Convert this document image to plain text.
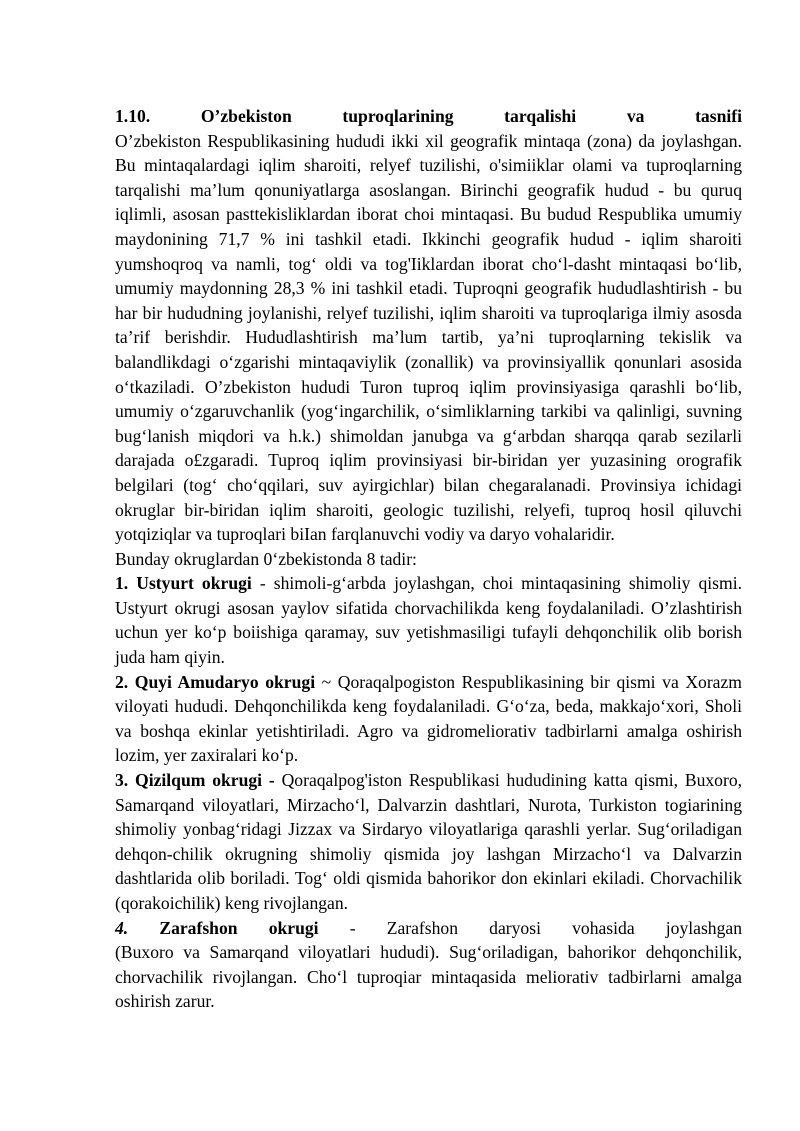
1.10. O’zbekiston tuproqlarining tarqalishi va tasnifi

O’zbekiston Respublikasining hududi ikki xil geografik mintaqa (zona) da joylashgan. Bu mintaqalardagi iqlim sharoiti, relyef tuzilishi, o'simiiklar olami va tuproqlarning tarqalishi ma’lum qonuniyatlarga asoslangan. Birinchi geografik hudud - bu quruq iqlimli, asosan pasttekisliklardan iborat choi mintaqasi. Bu budud Respublika umumiy maydonining 71,7 % ini tashkil etadi. Ikkinchi geografik hudud - iqlim sharoiti yumshoqroq va namli, tog‘ oldi va tog'Iiklardan iborat cho‘l-dasht mintaqasi bo‘lib, umumiy maydonning 28,3 % ini tashkil etadi. Tuproqni geografik hududlashtirish - bu har bir hududning joylanishi, relyef tuzilishi, iqlim sharoiti va tuproqlariga ilmiy asosda ta’rif berishdir. Hududlashtirish ma’lum tartib, ya’ni tuproqlarning tekislik va balandlikdagi o‘zgarishi mintaqaviylik (zonallik) va provinsiyallik qonunlari asosida o‘tkaziladi. O’zbekiston hududi Turon tuproq iqlim provinsiyasiga qarashli bo‘lib, umumiy o‘zgaruvchanlik (yog‘ingarchilik, o‘simliklarning tarkibi va qalinligi, suvning bug‘lanish miqdori va h.k.) shimoldan janubga va g‘arbdan sharqqa qarab sezilarli darajada o£zgaradi. Tuproq iqlim provinsiyasi bir-biridan yer yuzasining orografik belgilari (tog‘ cho‘qqilari, suv ayirgichlar) bilan chegaralanadi. Provinsiya ichidagi okruglar bir-biridan iqlim sharoiti, geologic tuzilishi, relyefi, tuproq hosil qiluvchi yotqiziqlar va tuproqlari biIan farqlanuvchi vodiy va daryo vohalaridir.

Bunday okruglardan 0‘zbekistonda 8 tadir:

1. Ustyurt okrugi - shimoli-g‘arbda joylashgan, choi mintaqasining shimoliy qismi. Ustyurt okrugi asosan yaylov sifatida chorvachilikda keng foydalaniladi. O’zlashtirish uchun yer ko‘p boiishiga qaramay, suv yetishmasiligi tufayli dehqonchilik olib borish juda ham qiyin.

2. Quyi Amudaryo okrugi ~ Qoraqalpogiston Respublikasining bir qismi va Xorazm viloyati hududi. Dehqonchilikda keng foydalaniladi. G‘o‘za, beda, makkajo‘xori, Sholi va boshqa ekinlar yetishtiriladi. Agro va gidromeliorativ tadbirlarni amalga oshirish lozim, yer zaxiralari ko‘p.

3. Qizilqum okrugi - Qoraqalpog'iston Respublikasi hududining katta qismi, Buxoro, Samarqand viloyatlari, Mirzacho‘l, Dalvarzin dashtlari, Nurota, Turkiston togiarining shimoliy yonbag‘ridagi Jizzax va Sirdaryo viloyatlariga qarashli yerlar. Sug‘oriladigan dehqon-chilik okrugning shimoliy qismida joy lashgan Mirzacho‘l va Dalvarzin dashtlarida olib boriladi. Tog‘ oldi qismida bahorikor don ekinlari ekiladi. Chorvachilik (qorakoichilik) keng rivojlangan.

4. Zarafshon okrugi - Zarafshon daryosi vohasida joylashgan

(Buxoro va Samarqand viloyatlari hududi). Sug‘oriladigan, bahorikor dehqonchilik, chorvachilik rivojlangan. Cho‘l tuproqiar mintaqasida meliorativ tadbirlarni amalga oshirish zarur.
